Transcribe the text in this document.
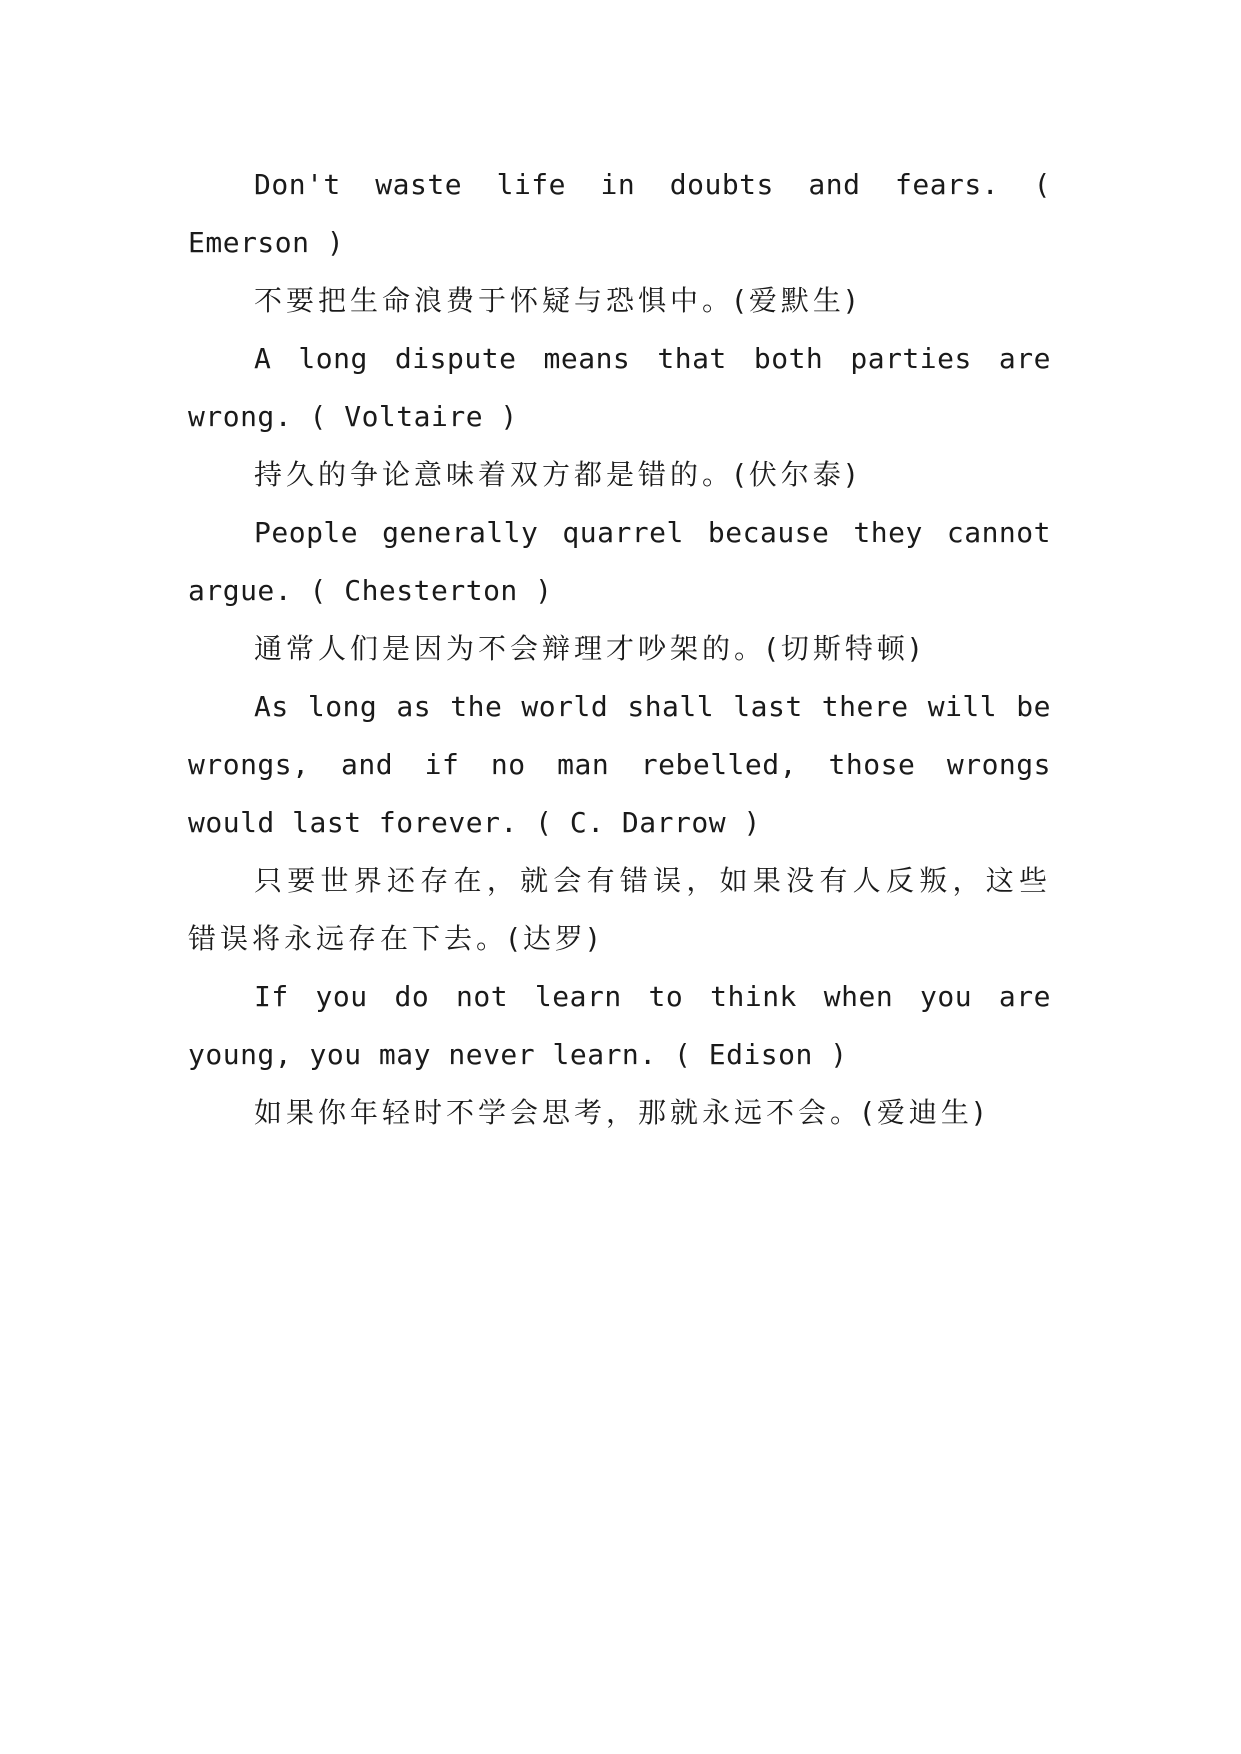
Don't waste life in doubts and fears. ( Emerson )

不要把生命浪费于怀疑与恐惧中。(爱默生)

A long dispute means that both parties are wrong. ( Voltaire )

持久的争论意味着双方都是错的。(伏尔泰)

People generally quarrel because they cannot argue. ( Chesterton )

通常人们是因为不会辩理才吵架的。(切斯特顿)

As long as the world shall last there will be wrongs, and if no man rebelled, those wrongs would last forever. ( C. Darrow )

只要世界还存在，就会有错误，如果没有人反叛，这些错误将永远存在下去。(达罗)

If you do not learn to think when you are young, you may never learn. ( Edison )

如果你年轻时不学会思考，那就永远不会。(爱迪生)
